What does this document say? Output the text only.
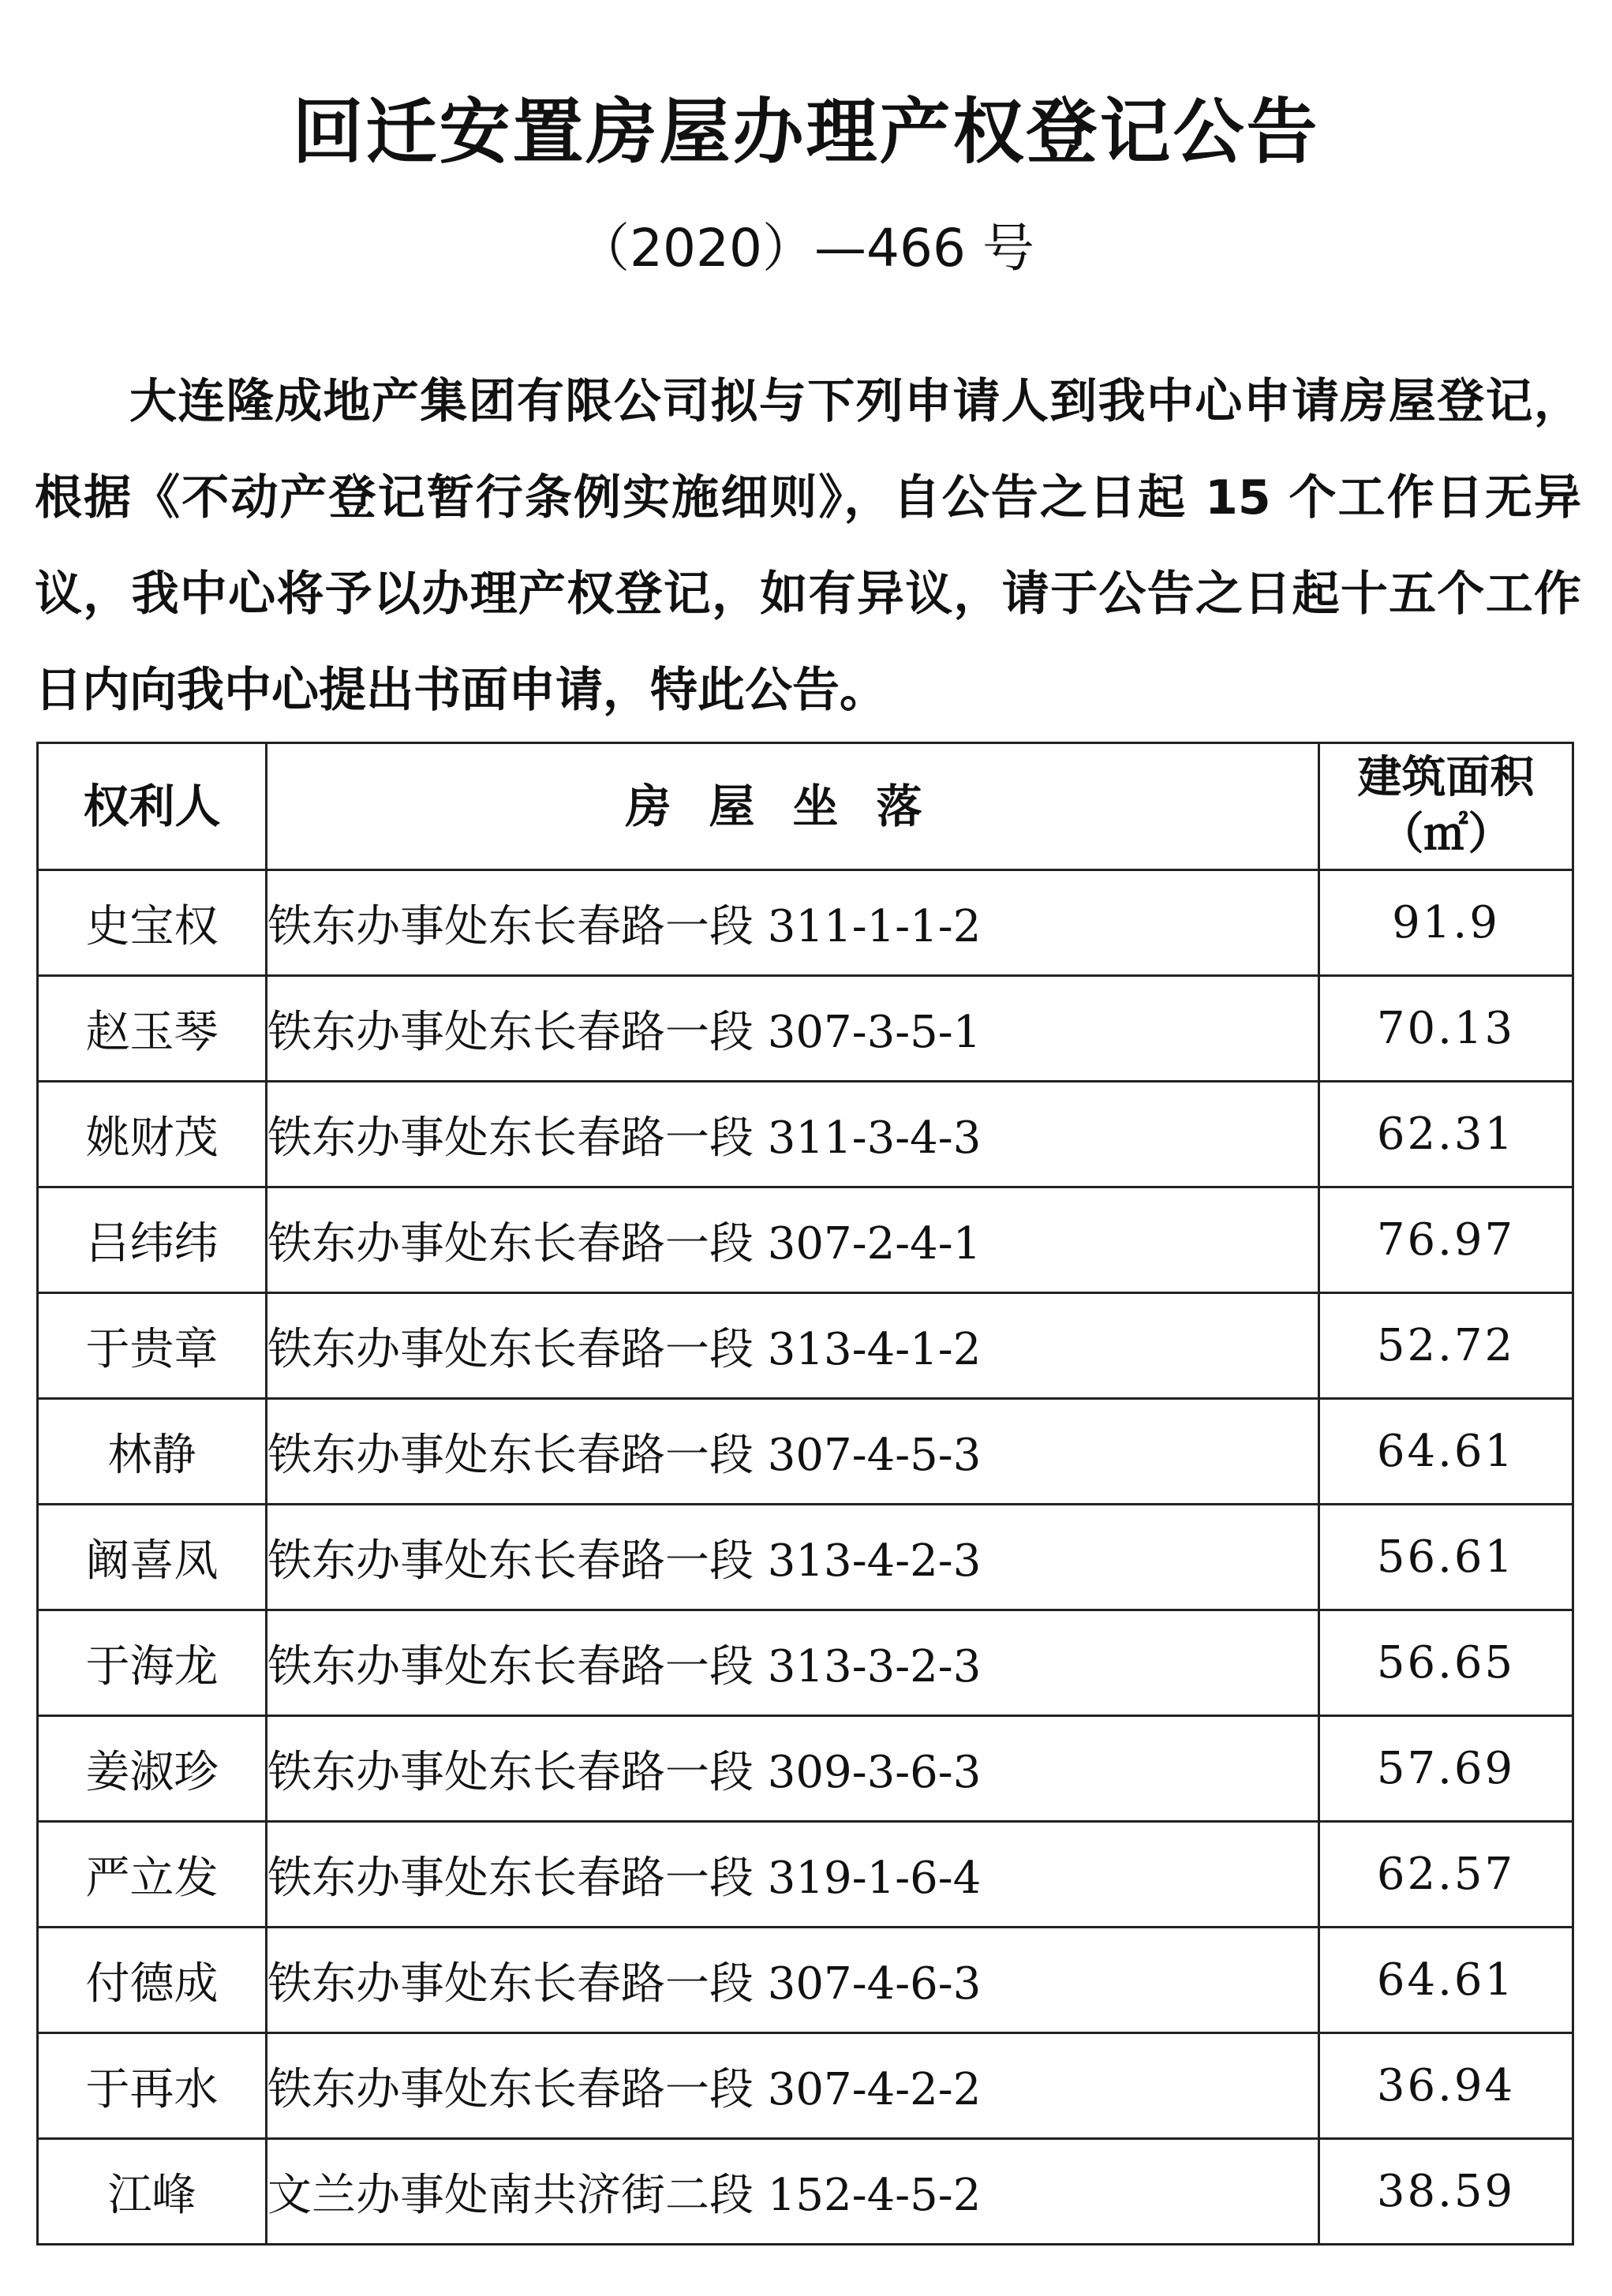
回迁安置房屋办理产权登记公告
（2020）—466 号

大连隆成地产集团有限公司拟与下列申请人到我中心申请房屋登记，根据《不动产登记暂行条例实施细则》，自公告之日起 15 个工作日无异议，我中心将予以办理产权登记，如有异议，请于公告之日起十五个工作日内向我中心提出书面申请，特此公告。

权利人	房屋坐落	建筑面积
（㎡）

史宝权	铁东办事处东长春路一段 311-1-1-2	91.9
赵玉琴	铁东办事处东长春路一段 307-3-5-1	70.13
姚财茂	铁东办事处东长春路一段 311-3-4-3	62.31
吕纬纬	铁东办事处东长春路一段 307-2-4-1	76.97
于贵章	铁东办事处东长春路一段 313-4-1-2	52.72
林静	铁东办事处东长春路一段 307-4-5-3	64.61
阚喜凤	铁东办事处东长春路一段 313-4-2-3	56.61
于海龙	铁东办事处东长春路一段 313-3-2-3	56.65
姜淑珍	铁东办事处东长春路一段 309-3-6-3	57.69
严立发	铁东办事处东长春路一段 319-1-6-4	62.57
付德成	铁东办事处东长春路一段 307-4-6-3	64.61
于再水	铁东办事处东长春路一段 307-4-2-2	36.94
江峰	文兰办事处南共济街二段 152-4-5-2	38.59
